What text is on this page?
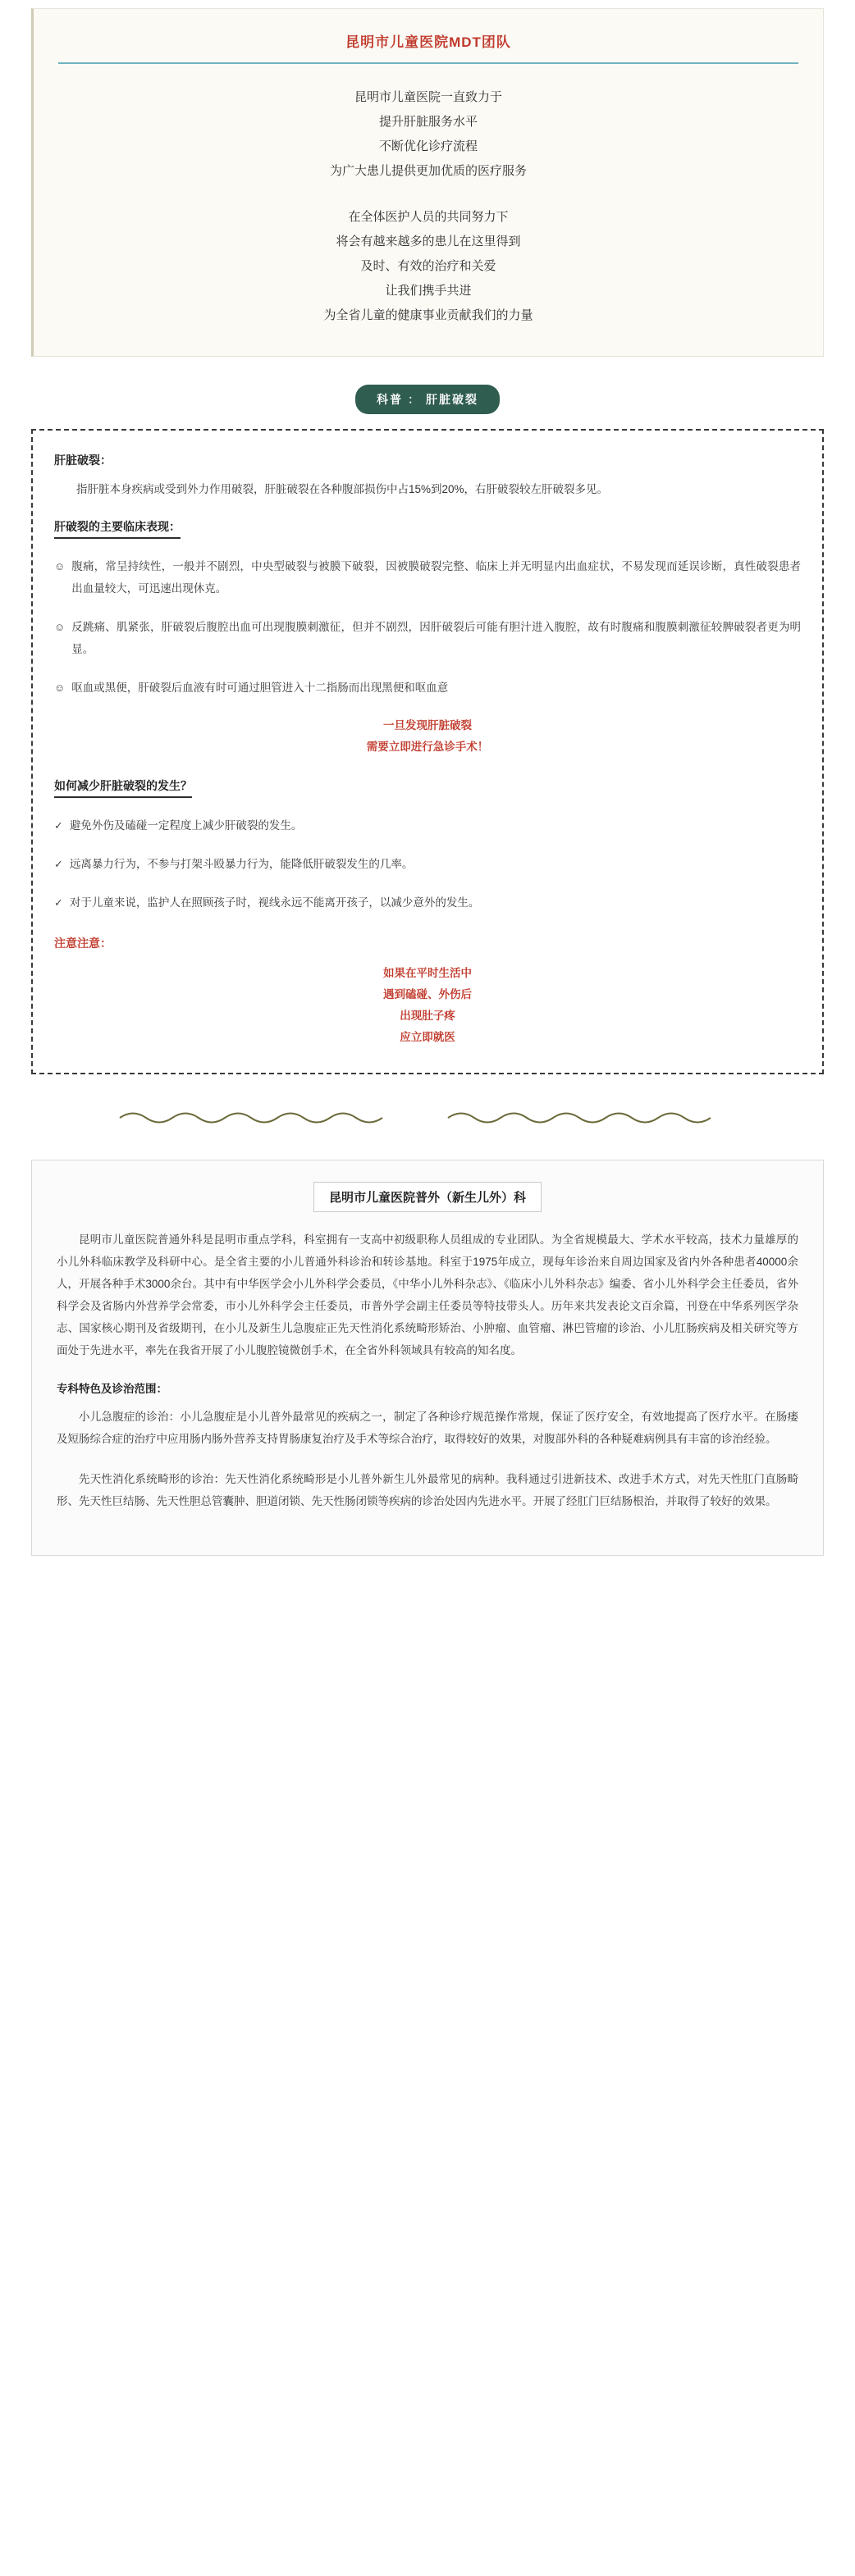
昆明市儿童医院MDT团队
昆明市儿童医院一直致力于
提升肝脏服务水平
不断优化诊疗流程
为广大患儿提供更加优质的医疗服务
在全体医护人员的共同努力下
将会有越来越多的患儿在这里得到
及时、有效的治疗和关爱
让我们携手共进
为全省儿童的健康事业贡献我们的力量
科普 ： 肝脏破裂
肝脏破裂：

指肝脏本身疾病或受到外力作用破裂，肝脏破裂在各种腹部损伤中占15%到20%，右肝破裂较左肝破裂多见。

肝破裂的主要临床表现：
☺ 腹痛，常呈持续性，一般并不剧烈，中央型破裂与被膜下破裂，因被膜破裂完整、临床上并无明显内出血症状，不易发现而延误诊断，真性破裂患者出血量较大，可迅速出现休克。
☺ 反跳痛、肌紧张，肝破裂后腹腔出血可出现腹膜刺激征，但并不剧烈，因肝破裂后可能有胆汁进入腹腔，故有时腹痛和腹膜刺激征较脾破裂者更为明显。
☺ 呕血或黑便，肝破裂后血液有时可通过胆管进入十二指肠而出现黑便和呕血意
一旦发现肝脏破裂
需要立即进行急诊手术！
如何减少肝脏破裂的发生？
✓ 避免外伤及磕碰一定程度上减少肝破裂的发生。
✓ 远离暴力行为，不参与打架斗殴暴力行为，能降低肝破裂发生的几率。
✓ 对于儿童来说，监护人在照顾孩子时，视线永远不能离开孩子，以减少意外的发生。
注意注意：
如果在平时生活中
遇到磕碰、外伤后
出现肚子疼
应立即就医
昆明市儿童医院普外（新生儿外）科

昆明市儿童医院普通外科是昆明市重点学科，科室拥有一支高中初级职称人员组成的专业团队。为全省规模最大、学术水平较高，技术力量雄厚的小儿外科临床教学及科研中心。是全省主要的小儿普通外科诊治和转诊基地。科室于1975年成立，现每年诊治来自周边国家及省内外各种患者40000余人，开展各种手术3000余台。其中有中华医学会小儿外科学会委员，《中华小儿外科杂志》、《临床小儿外科杂志》编委、省小儿外科学会主任委员，省外科学会及省肠内外营养学会常委，市小儿外科学会主任委员，市普外学会副主任委员等特技带头人。历年来共发表论文百余篇，刊登在中华系列医学杂志、国家核心期刊及省级期刊，在小儿及新生儿急腹症正先天性消化系统畸形矫治、小肿瘤、血管瘤、淋巴管瘤的诊治、小儿肛肠疾病及相关研究等方面处于先进水平，率先在我省开展了小儿腹腔镜微创手术，在全省外科领域具有较高的知名度。

专科特色及诊治范围：

小儿急腹症的诊治：小儿急腹症是小儿普外最常见的疾病之一，制定了各种诊疗规范操作常规，保证了医疗安全，有效地提高了医疗水平。在肠瘘及短肠综合症的治疗中应用肠内肠外营养支持胃肠康复治疗及手术等综合治疗，取得较好的效果，对腹部外科的各种疑难病例具有丰富的诊治经验。

先天性消化系统畸形的诊治：先天性消化系统畸形是小儿普外新生儿外最常见的病种。我科通过引进新技术、改进手术方式，对先天性肛门直肠畸形、先天性巨结肠、先天性胆总管囊肿、胆道闭锁、先天性肠闭锁等疾病的诊治处因内先进水平。开展了经肛门巨结肠根治，并取得了较好的效果。
